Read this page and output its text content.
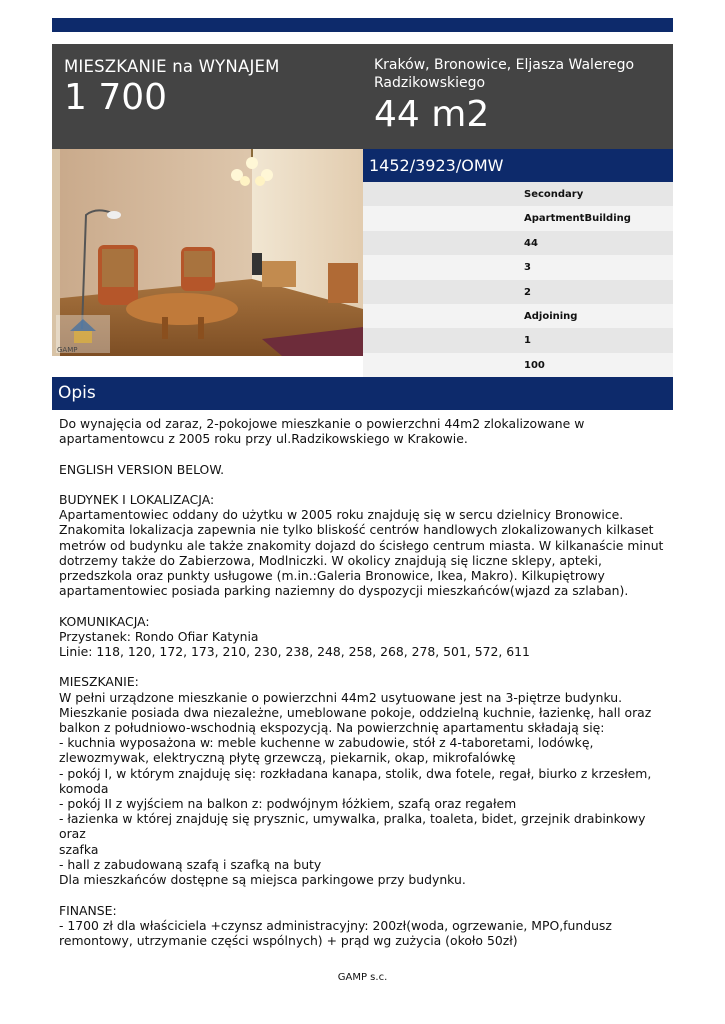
MIESZKANIE na WYNAJEM
1 700
Kraków, Bronowice, Eljasza Walerego Radzikowskiego
44 m2
GAMP
1452/3923/OMW
Secondary
ApartmentBuilding
44
3
2
Adjoining
1
100
Opis
Do wynajęcia od zaraz, 2-pokojowe mieszkanie o powierzchni 44m2 zlokalizowane w
apartamentowcu z 2005 roku przy ul.Radzikowskiego w Krakowie.

ENGLISH VERSION BELOW.

BUDYNEK I LOKALIZACJA:
Apartamentowiec oddany do użytku w 2005 roku znajduję się w sercu dzielnicy Bronowice.
Znakomita lokalizacja zapewnia nie tylko bliskość centrów handlowych zlokalizowanych kilkaset
metrów od budynku ale także znakomity dojazd do ścisłego centrum miasta. W kilkanaście minut
dotrzemy także do Zabierzowa, Modlniczki. W okolicy znajdują się liczne sklepy, apteki,
przedszkola oraz punkty usługowe (m.in.:Galeria Bronowice, Ikea, Makro). Kilkupiętrowy
apartamentowiec posiada parking naziemny do dyspozycji mieszkańców(wjazd za szlaban).

KOMUNIKACJA:
Przystanek: Rondo Ofiar Katynia
Linie: 118, 120, 172, 173, 210, 230, 238, 248, 258, 268, 278, 501, 572, 611

MIESZKANIE:
W pełni urządzone mieszkanie o powierzchni 44m2 usytuowane jest na 3-piętrze budynku.
Mieszkanie posiada dwa niezależne, umeblowane pokoje, oddzielną kuchnie, łazienkę, hall oraz
balkon z południowo-wschodnią ekspozycją. Na powierzchnię apartamentu składają się:
- kuchnia wyposażona w: meble kuchenne w zabudowie, stół z 4-taboretami, lodówkę,
zlewozmywak, elektryczną płytę grzewczą, piekarnik, okap, mikrofalówkę
- pokój I, w którym znajduję się: rozkładana kanapa, stolik, dwa fotele, regał, biurko z krzesłem,
komoda
- pokój II z wyjściem na balkon z: podwójnym łóżkiem, szafą oraz regałem
- łazienka w której znajduję się prysznic, umywalka, pralka, toaleta, bidet, grzejnik drabinkowy oraz
szafka
- hall z zabudowaną szafą i szafką na buty
Dla mieszkańców dostępne są miejsca parkingowe przy budynku.

FINANSE:
- 1700 zł dla właściciela +czynsz administracyjny: 200zł(woda, ogrzewanie, MPO,fundusz
remontowy, utrzymanie części wspólnych) + prąd wg zużycia (około 50zł)
GAMP s.c.
